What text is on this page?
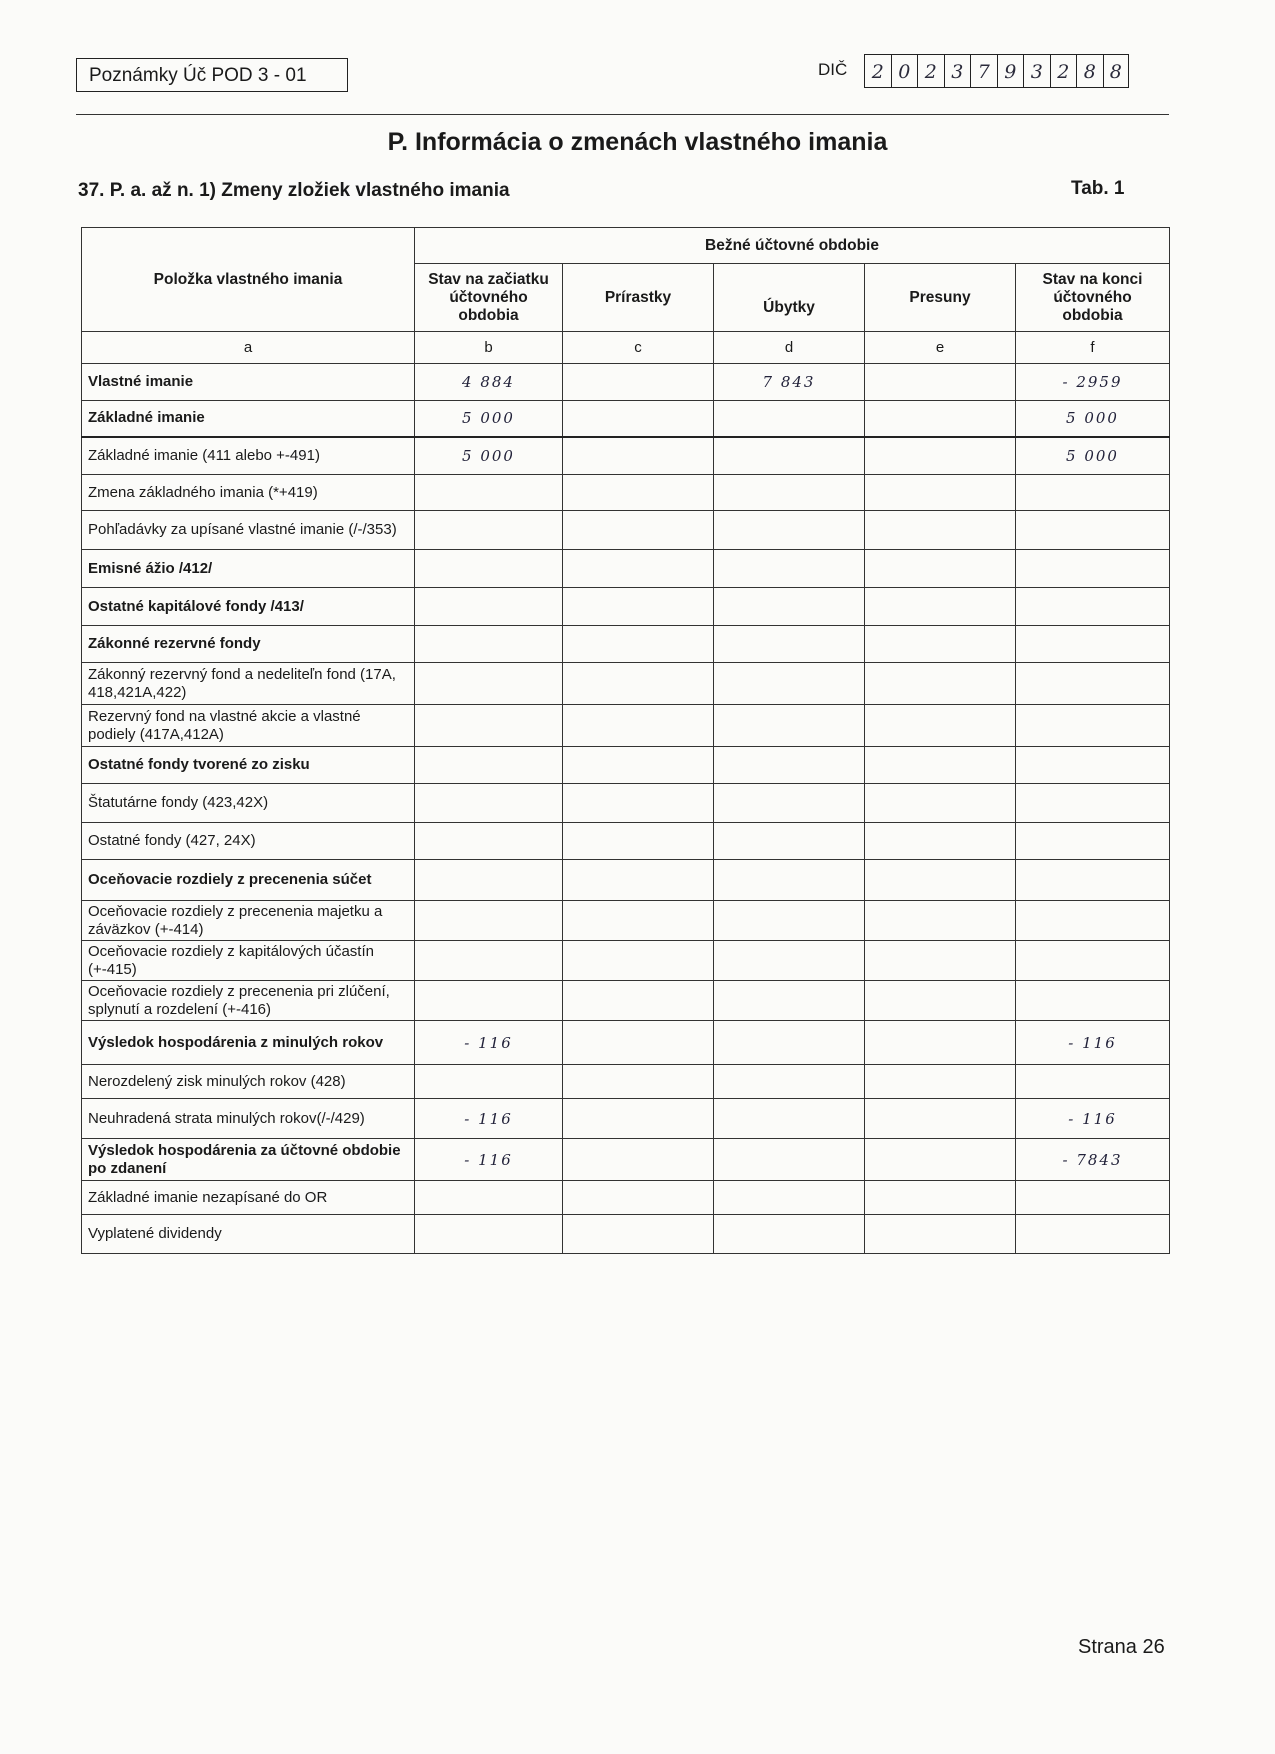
Poznámky Úč POD 3 - 01	DIČ	2 0 2 3 7 9 3 2 8 8
P. Informácia o zmenách vlastného imania
37. P. a. až n. 1) Zmeny zložiek vlastného imania	Tab. 1
Položka vlastného imania	Bežné účtovné obdobie				
	Stav na začiatku účtovného obdobia	Prírastky	Úbytky	Presuny	Stav na konci účtovného obdobia
a	b	c	d	e	f
Vlastné imanie	4 884		7 843		- 2959
Základné imanie	5 000				5 000
Základné imanie (411 alebo +-491)	5 000				5 000
Zmena základného imania (*+419)					
Pohľadávky za upísané vlastné imanie (/-/353)					
Emisné ážio /412/					
Ostatné kapitálové fondy /413/					
Zákonné rezervné fondy					
Zákonný rezervný fond a nedeliteľn fond (17A, 418,421A,422)					
Rezervný fond na vlastné akcie a vlastné podiely (417A,412A)					
Ostatné fondy tvorené zo zisku					
Štatutárne fondy (423,42X)					
Ostatné fondy (427, 24X)					
Oceňovacie rozdiely z precenenia súčet					
Oceňovacie rozdiely z precenenia majetku a záväzkov (+-414)					
Oceňovacie rozdiely z kapitálových účastín (+-415)					
Oceňovacie rozdiely z precenenia pri zlúčení, splynutí a rozdelení (+-416)					
Výsledok hospodárenia z minulých rokov	- 116				- 116
Nerozdelený zisk minulých rokov (428)					
Neuhradená strata minulých rokov(/-/429)	- 116				- 116
Výsledok hospodárenia za účtovné obdobie po zdanení	- 116				- 7843
Základné imanie nezapísané do OR					
Vyplatené dividendy					
Strana 26
